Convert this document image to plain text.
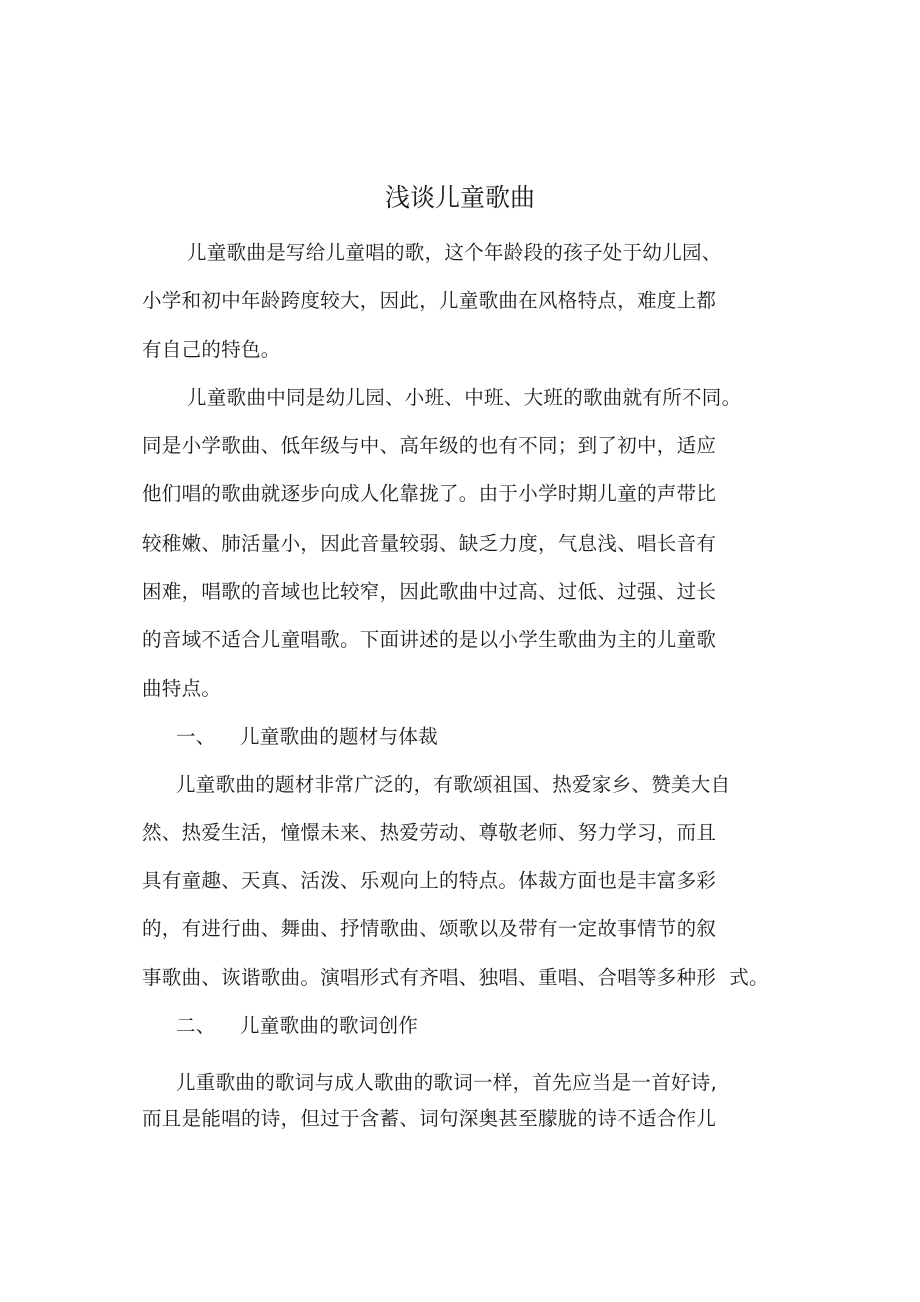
浅谈儿童歌曲
儿童歌曲是写给儿童唱的歌，这个年龄段的孩子处于幼儿园、
小学和初中年龄跨度较大，因此，儿童歌曲在风格特点，难度上都
有自己的特色。
儿童歌曲中同是幼儿园、小班、中班、大班的歌曲就有所不同。
同是小学歌曲、低年级与中、高年级的也有不同；到了初中，适应
他们唱的歌曲就逐步向成人化靠拢了。由于小学时期儿童的声带比
较稚嫩、肺活量小，因此音量较弱、缺乏力度，气息浅、唱长音有
困难，唱歌的音域也比较窄，因此歌曲中过高、过低、过强、过长
的音域不适合儿童唱歌。下面讲述的是以小学生歌曲为主的儿童歌
曲特点。
一、 儿童歌曲的题材与体裁
儿童歌曲的题材非常广泛的，有歌颂祖国、热爱家乡、赞美大自
然、热爱生活，憧憬未来、热爱劳动、尊敬老师、努力学习，而且
具有童趣、天真、活泼、乐观向上的特点。体裁方面也是丰富多彩
的，有进行曲、舞曲、抒情歌曲、颂歌以及带有一定故事情节的叙
事歌曲、诙谐歌曲。演唱形式有齐唱、独唱、重唱、合唱等多种形  式。
二、 儿童歌曲的歌词创作
儿重歌曲的歌词与成人歌曲的歌词一样，首先应当是一首好诗,
而且是能唱的诗，但过于含蓄、词句深奥甚至朦胧的诗不适合作儿
